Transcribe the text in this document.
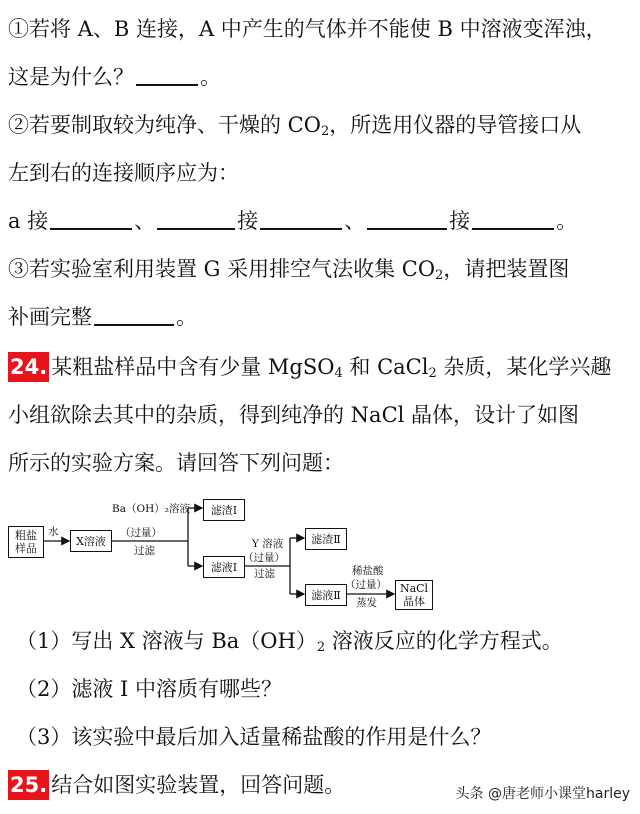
①若将 A、B 连接，A 中产生的气体并不能使 B 中溶液变浑浊，
这是为什么？	。
②若要制取较为纯净、干燥的 $CO_2$，所选用仪器的导管接口从
左到右的连接顺序应为：
a 接	、	接	、	接	。
③若实验室利用装置 G 采用排空气法收集 $CO_2$，请把装置图
补画完整	。
24. 某粗盐样品中含有少量 MgSO$_4$ 和 CaCl$_2$ 杂质，某化学兴趣
小组欲除去其中的杂质，得到纯净的 NaCl 晶体，设计了如图
所示的实验方案。请回答下列问题：
粗盐样品
水
X溶液
Ba（OH）₂溶液
（过量）
过滤
滤渣Ⅰ
滤液Ⅰ
Y 溶液
（过量）
过滤
滤渣Ⅱ
滤液Ⅱ
稀盐酸
（过量）
蒸发
NaCl 晶体
（1）写出 X 溶液与 $Ba(OH)_2$ 溶液反应的化学方程式。
（2）滤液 I 中溶质有哪些？
（3）该实验中最后加入适量稀盐酸的作用是什么？
25. 结合如图实验装置，回答问题。	头条 @唐老师小课堂harley
